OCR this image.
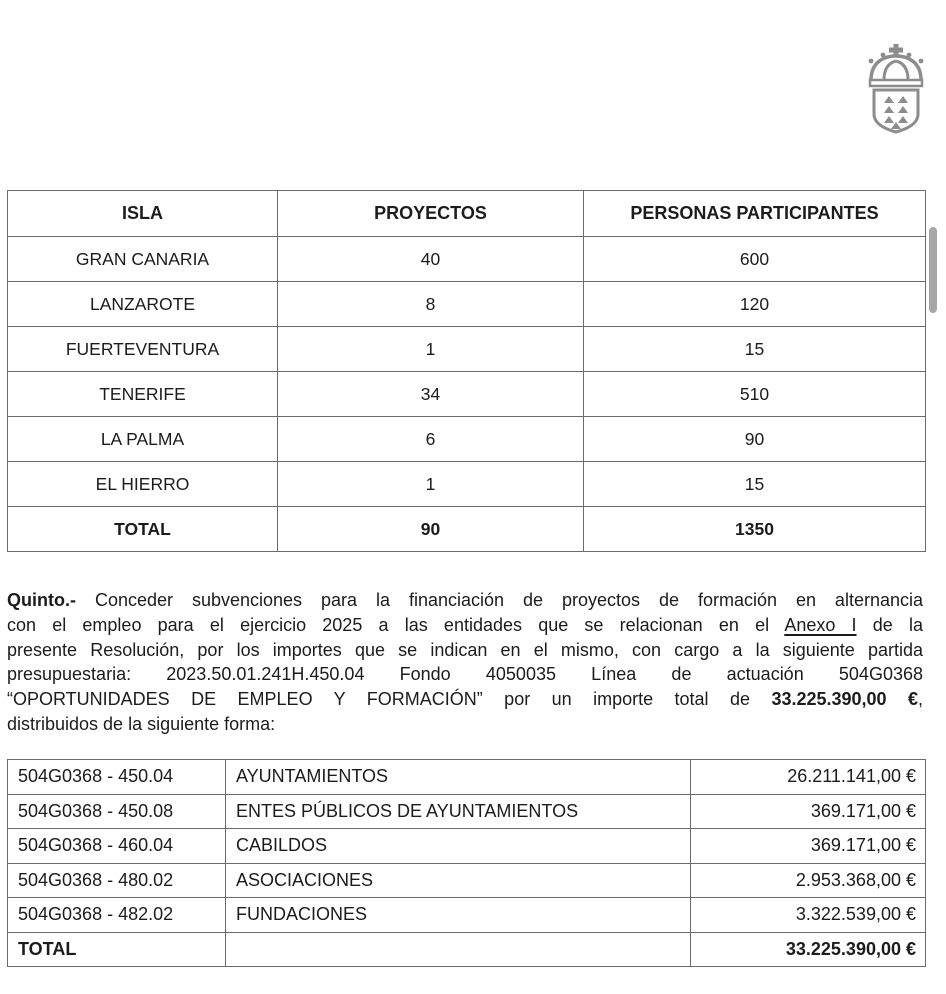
ISLA	PROYECTOS	PERSONAS PARTICIPANTES
GRAN CANARIA	40	600
LANZAROTE	8	120
FUERTEVENTURA	1	15
TENERIFE	34	510
LA PALMA	6	90
EL HIERRO	1	15
TOTAL	90	1350
Quinto.- Conceder subvenciones para la financiación de proyectos de formación en alternancia
con el empleo para el ejercicio 2025 a las entidades que se relacionan en el Anexo I de la
presente Resolución, por los importes que se indican en el mismo, con cargo a la siguiente partida
presupuestaria: 2023.50.01.241H.450.04 Fondo 4050035 Línea de actuación 504G0368
“OPORTUNIDADES DE EMPLEO Y FORMACIÓN” por un importe total de 33.225.390,00 €,
distribuidos de la siguiente forma:
504G0368 - 450.04	AYUNTAMIENTOS	26.211.141,00 €
504G0368 - 450.08	ENTES PÚBLICOS DE AYUNTAMIENTOS	369.171,00 €
504G0368 - 460.04	CABILDOS	369.171,00 €
504G0368 - 480.02	ASOCIACIONES	2.953.368,00 €
504G0368 - 482.02	FUNDACIONES	3.322.539,00 €
TOTAL		33.225.390,00 €
